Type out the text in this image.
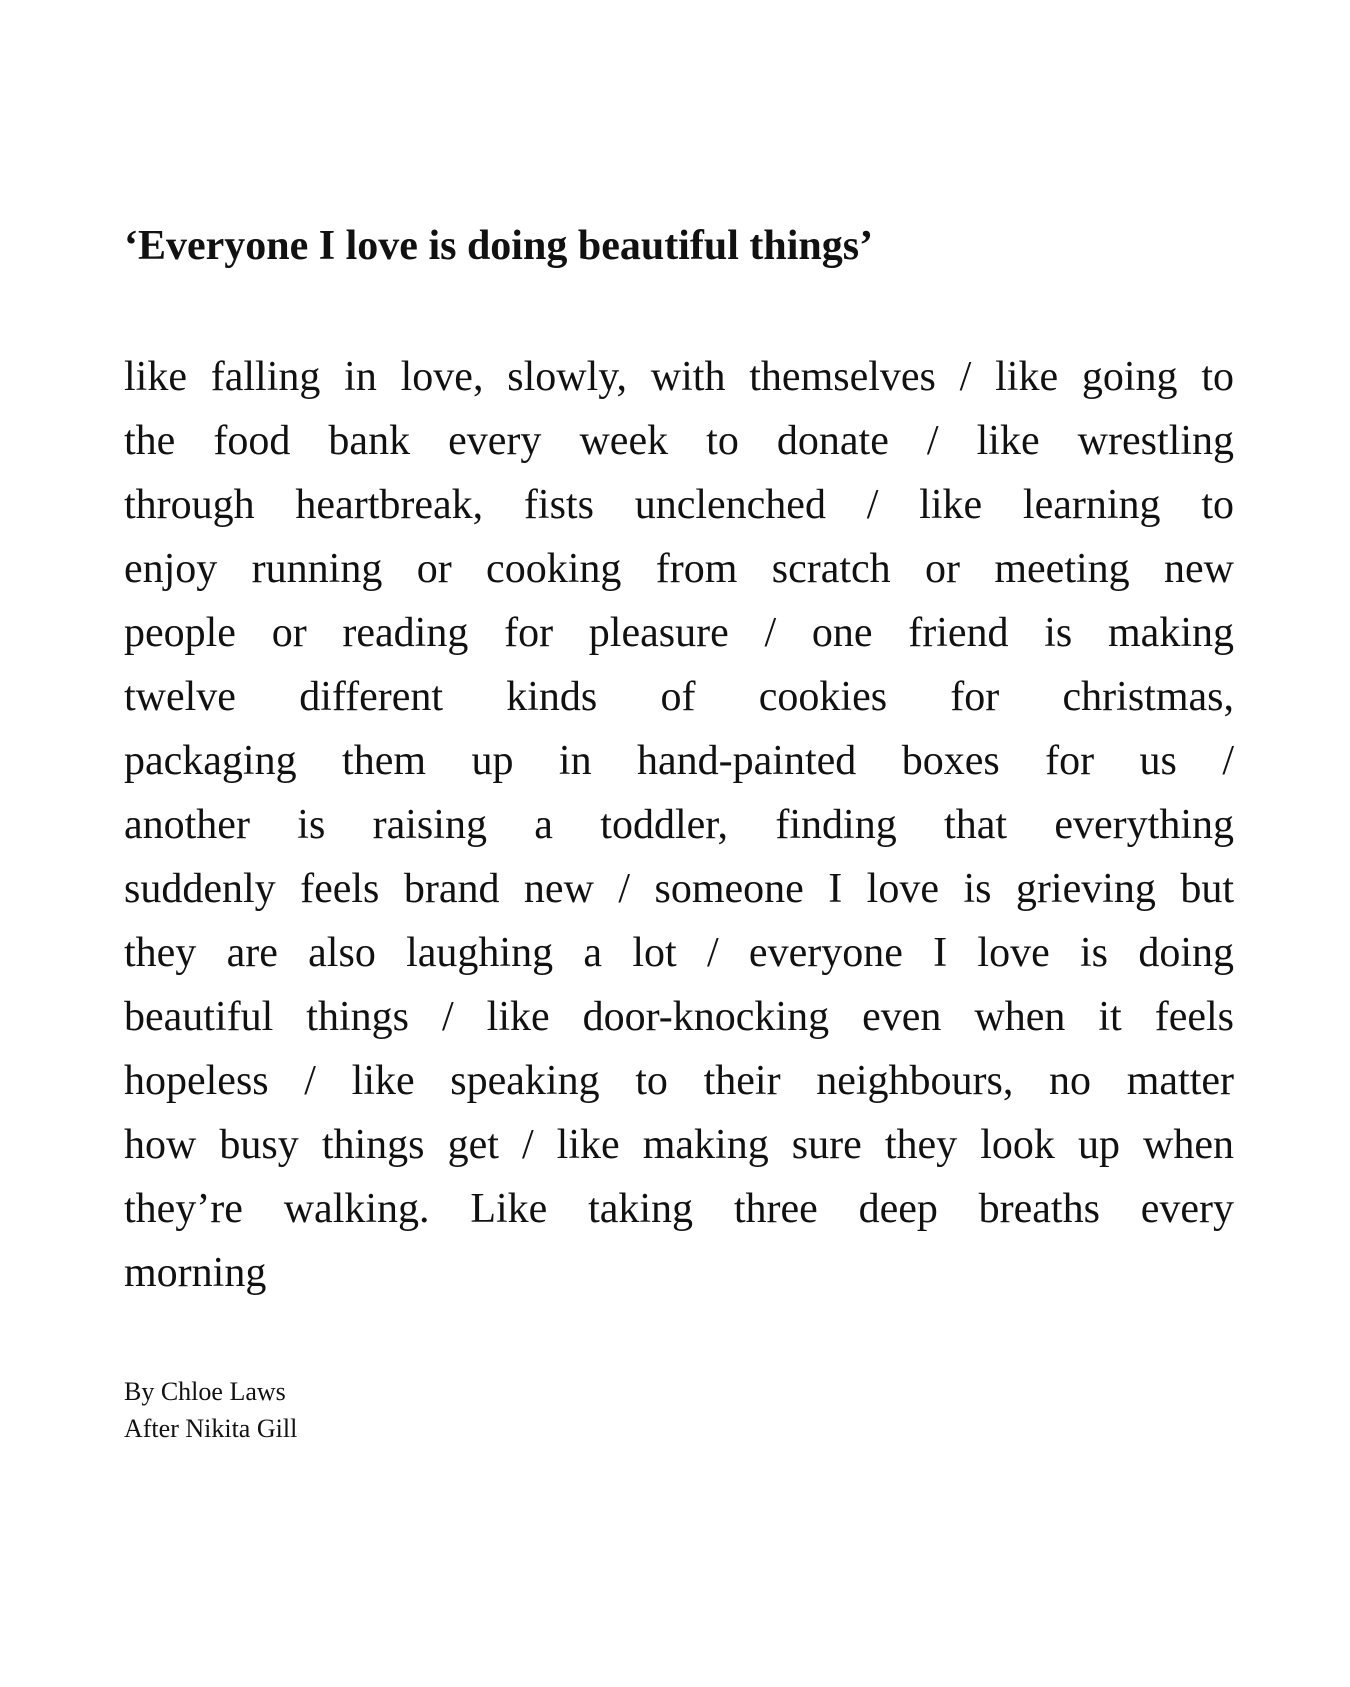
‘Everyone I love is doing beautiful things’
like falling in love, slowly, with themselves / like going to
the food bank every week to donate / like wrestling
through heartbreak, fists unclenched / like learning to
enjoy running or cooking from scratch or meeting new
people or reading for pleasure / one friend is making
twelve different kinds of cookies for christmas,
packaging them up in hand-painted boxes for us /
another is raising a toddler, finding that everything
suddenly feels brand new / someone I love is grieving but
they are also laughing a lot / everyone I love is doing
beautiful things / like door-knocking even when it feels
hopeless / like speaking to their neighbours, no matter
how busy things get / like making sure they look up when
they’re walking. Like taking three deep breaths every
morning
By Chloe Laws
After Nikita Gill
